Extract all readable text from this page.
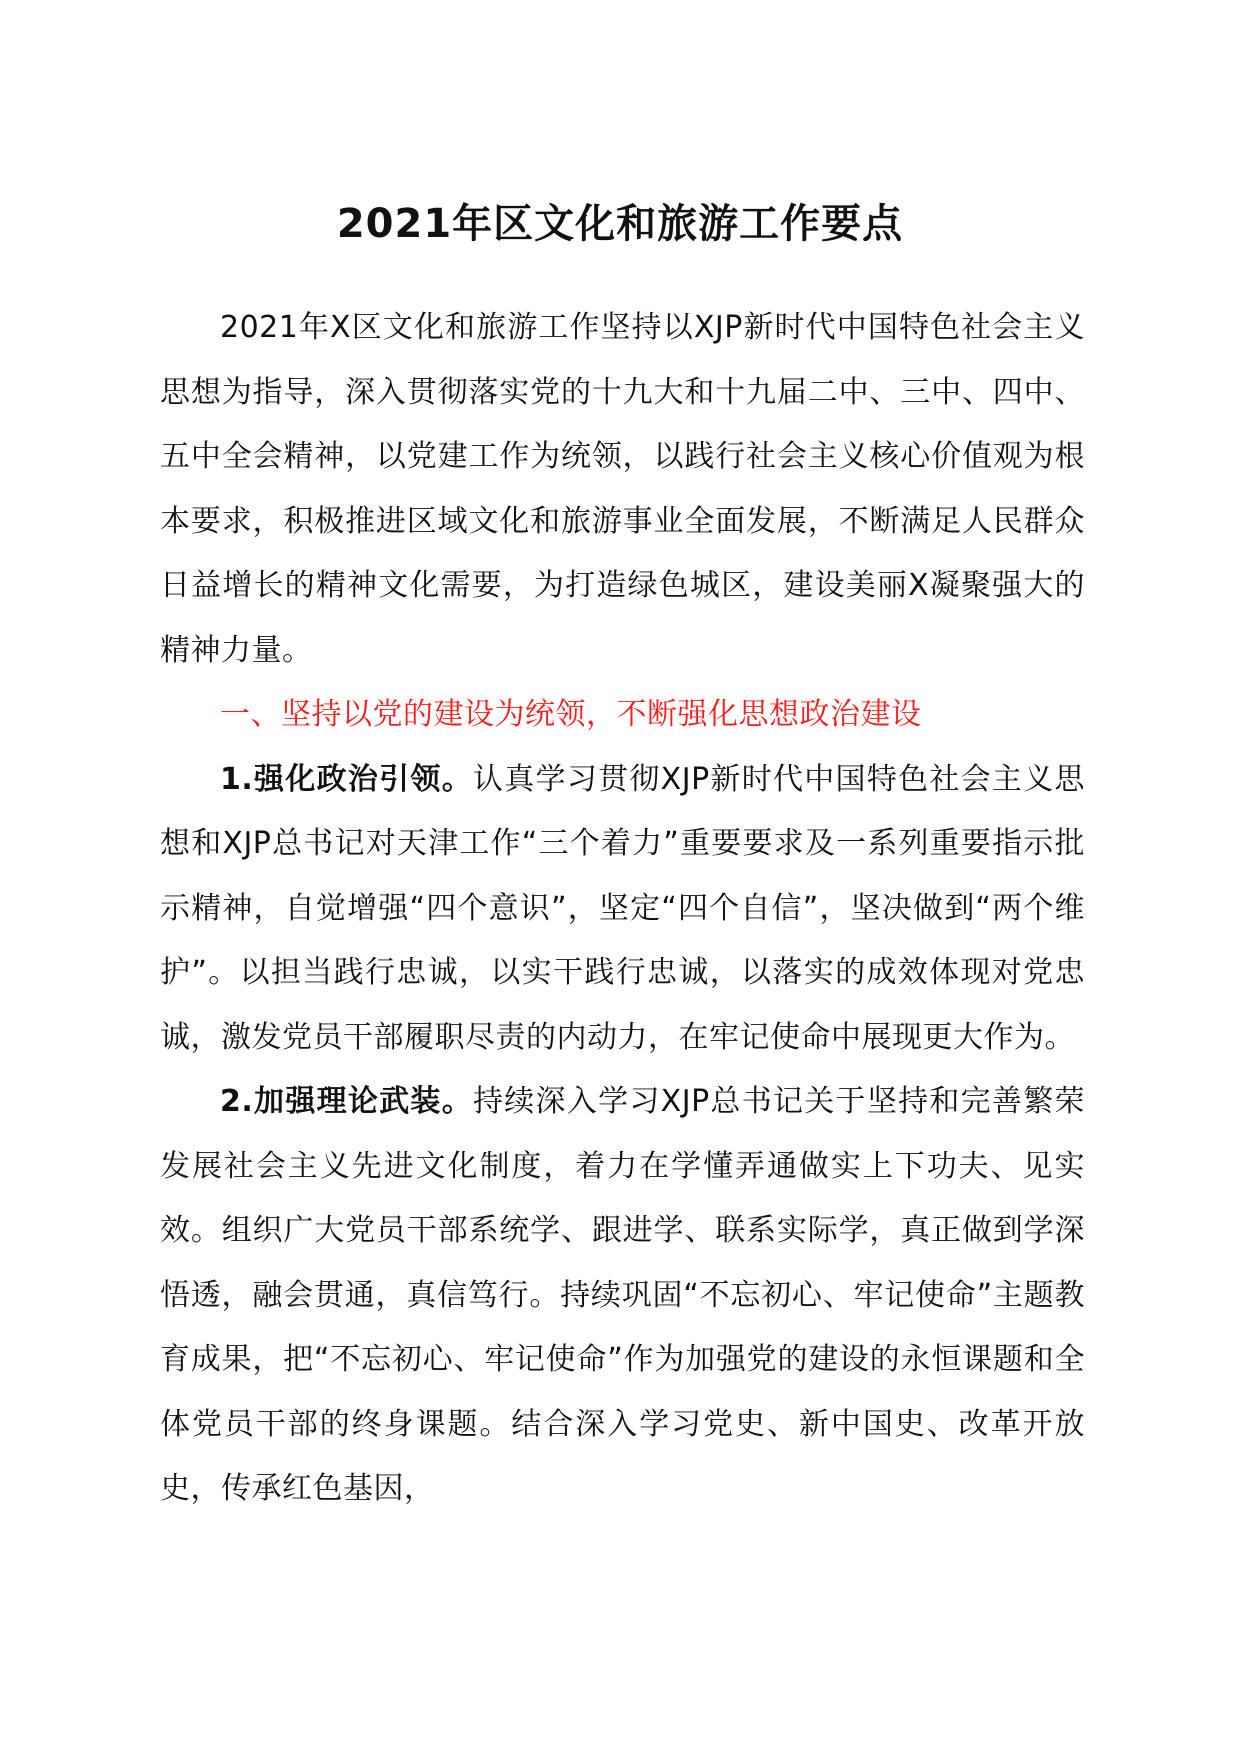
2021年区文化和旅游工作要点

2021年X区文化和旅游工作坚持以XJP新时代中国特色社会主义思想为指导，深入贯彻落实党的十九大和十九届二中、三中、四中、五中全会精神，以党建工作为统领，以践行社会主义核心价值观为根本要求，积极推进区域文化和旅游事业全面发展，不断满足人民群众日益增长的精神文化需要，为打造绿色城区，建设美丽X凝聚强大的精神力量。

一、坚持以党的建设为统领，不断强化思想政治建设

1.强化政治引领。认真学习贯彻XJP新时代中国特色社会主义思想和XJP总书记对天津工作“三个着力”重要要求及一系列重要指示批示精神，自觉增强“四个意识”，坚定“四个自信”，坚决做到“两个维护”。以担当践行忠诚，以实干践行忠诚，以落实的成效体现对党忠诚，激发党员干部履职尽责的内动力，在牢记使命中展现更大作为。

2.加强理论武装。持续深入学习XJP总书记关于坚持和完善繁荣发展社会主义先进文化制度，着力在学懂弄通做实上下功夫、见实效。组织广大党员干部系统学、跟进学、联系实际学，真正做到学深悟透，融会贯通，真信笃行。持续巩固“不忘初心、牢记使命”主题教育成果，把“不忘初心、牢记使命”作为加强党的建设的永恒课题和全体党员干部的终身课题。结合深入学习党史、新中国史、改革开放史，传承红色基因，
